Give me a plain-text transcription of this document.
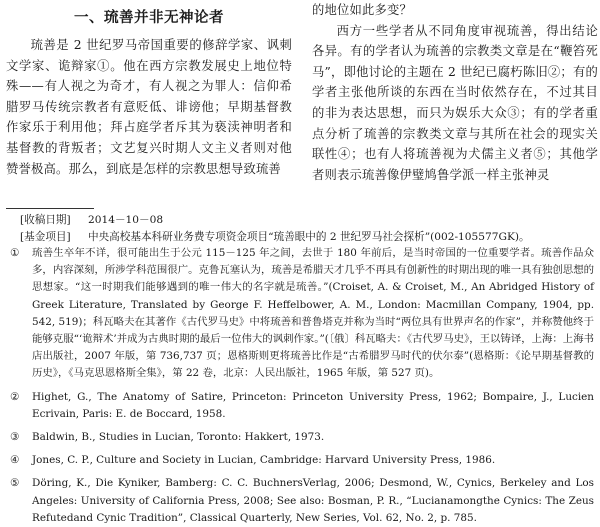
一、琉善并非无神论者

琉善是 2 世纪罗马帝国重要的修辞学家、讽刺文学家、诡辩家①。他在西方宗教发展史上地位特殊——有人视之为奇才，有人视之为罪人：信仰希腊罗马传统宗教者有意贬低、诽谤他；早期基督教作家乐于利用他；拜占庭学者斥其为亵渎神明者和基督教的背叛者；文艺复兴时期人文主义者则对他赞誉极高。那么，到底是怎样的宗教思想导致琉善

的地位如此多变？

西方一些学者从不同角度审视琉善，得出结论各异。有的学者认为琉善的宗教类文章是在“鞭笞死马”，即他讨论的主题在 2 世纪已腐朽陈旧②；有的学者主张他所谈的东西在当时依然存在，不过其目的非为表达思想，而只为娱乐大众③；有的学者重点分析了琉善的宗教类文章与其所在社会的现实关联性④；也有人将琉善视为犬儒主义者⑤；其他学者则表示琉善像伊璧鸠鲁学派一样主张神灵

[收稿日期]	2014－10－08
[基金项目]	中央高校基本科研业务费专项资金项目“琉善眼中的 2 世纪罗马社会探析”(002-105577GK)。
①	琉善生卒年不详，很可能出生于公元 115－125 年之间，去世于 180 年前后，是当时帝国的一位重要学者。琉善作品众多，内容深刻，所涉学科范围很广。克鲁瓦塞认为，琉善是希腊天才几乎不再具有创新性的时期出现的唯一具有独创思想的思想家。“这一时期我们能够遇到的唯一伟大的名字就是琉善。”(Croiset, A. & Croiset, M., An Abridged History of Greek Literature, Translated by George F. Heffelbower, A. M., London: Macmillan Company, 1904, pp. 542, 519)；科瓦略夫在其著作《古代罗马史》中将琉善和普鲁塔克并称为当时“两位具有世界声名的作家”，并称赞他终于能够克服“‘诡辩术’并成为古典时期的最后一位伟大的讽刺作家。”(〔俄〕科瓦略夫：《古代罗马史》，王以铸译，上海：上海书店出版社，2007 年版，第 736,737 页；恩格斯则更将琉善比作是“古希腊罗马时代的伏尔泰”(恩格斯：《论早期基督教的历史》，《马克思恩格斯全集》，第 22 卷，北京：人民出版社，1965 年版，第 527 页)。
②	Highet, G., The Anatomy of Satire, Princeton: Princeton University Press, 1962; Bompaire, J., Lucien Ecrivain, Paris: E. de Boccard, 1958.
③	Baldwin, B., Studies in Lucian, Toronto: Hakkert, 1973.
④	Jones, C. P., Culture and Society in Lucian, Cambridge: Harvard University Press, 1986.
⑤	Döring, K., Die Kyniker, Bamberg: C. C. BuchnersVerlag, 2006; Desmond, W., Cynics, Berkeley and Los Angeles: University of California Press, 2008; See also: Bosman, P. R., “Lucianamongthe Cynics: The Zeus Refutedand Cynic Tradition”, Classical Quarterly, New Series, Vol. 62, No. 2, p. 785.
